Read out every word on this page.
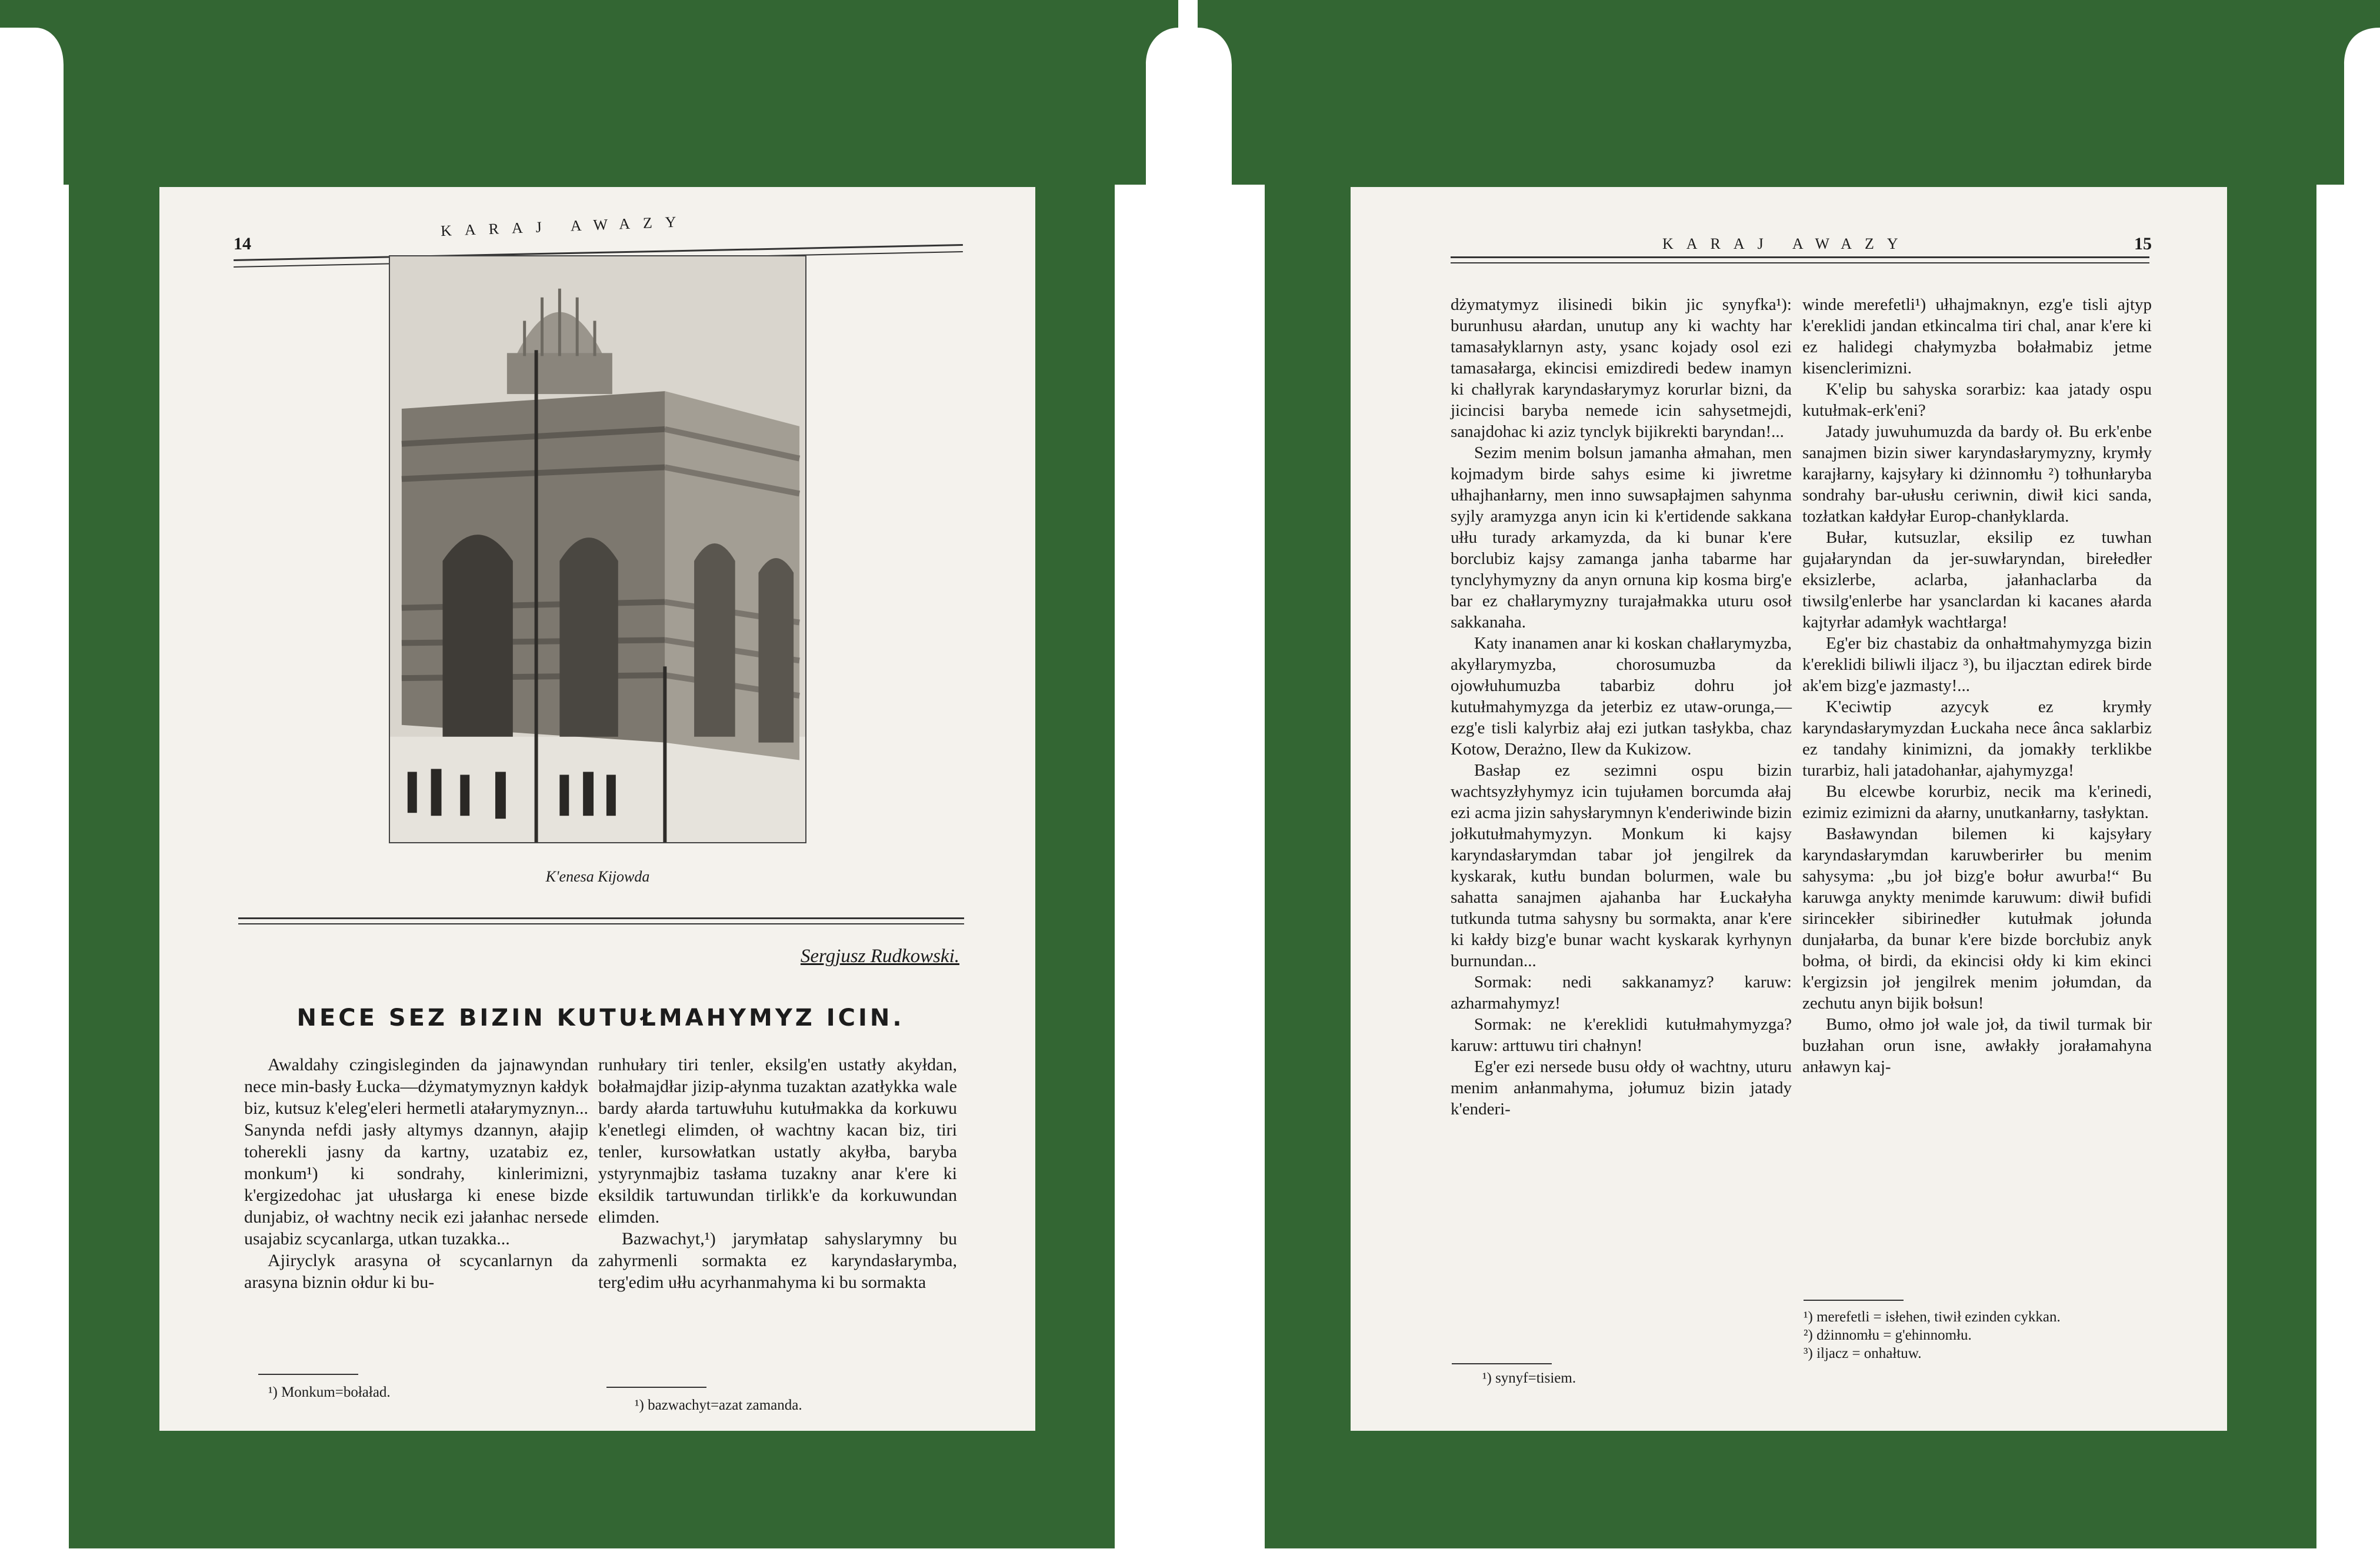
14
KARAJ AWAZY
K'enesa Kijowda
Sergjusz Rudkowski.
NECE SEZ BIZIN KUTUŁMAHYMYZ ICIN.

Awaldahy czingisleginden da jajnawyndan nece min-basły Łucka—dżymatymyznyn kałdyk biz, kutsuz k'eleg'eleri hermetli atałarymyznyn... Sanynda nefdi jasły altymys dzannyn, ałajip toherekli jasny da kartny, uzatabiz ez, monkum¹) ki sondrahy, kinlerimizni, k'ergizedohac jat ułusłarga ki enese bizde dunjabiz, oł wachtny necik ezi jałanhac nersede usajabiz scycanlarga, utkan tuzakka...

Ajiryclyk arasyna oł scycanlarnyn da arasyna biznin ołdur ki bu-

¹) Monkum=bołaład.

runhułary tiri tenler, eksilg'en ustatły akyłdan, bołałmajdłar jizip-ałynma tuzaktan azatłykka wale bardy ałarda tartuwłuhu kutułmakka da korkuwu k'enetlegi elimden, oł wachtny kacan biz, tiri tenler, kursowłatkan ustatly akyłba, baryba ystyrynmajbiz tasłama tuzakny anar k'ere ki eksildik tartuwundan tirlikk'e da korkuwundan elimden.

Bazwachyt,¹) jarymłatap sahyslarymny bu zahyrmenli sormakta ez karyndasłarymba, terg'edim ułłu acyrhanmahyma ki bu sormakta

¹) bazwachyt=azat zamanda.
KARAJ AWAZY	15

dżymatymyz ilisinedi bikin jic synyfka¹): burunhusu ałardan, unutup any ki wachty har tamasałyklarnyn asty, ysanc kojady osol ezi tamasałarga, ekincisi emizdiredi bedew inamyn ki chałlyrak karyndasłarymyz korurlar bizni, da jicincisi baryba nemede icin sahysetmejdi, sanajdohac ki aziz tynclyk bijikrekti baryndan!...

Sezim menim bolsun jamanha ałmahan, men kojmadym birde sahys esime ki jiwretme ułhajhanłarny, men inno suwsapłajmen sahynma syjly aramyzga anyn icin ki k'ertidende sakkana ułłu turady arkamyzda, da ki bunar k'ere borclubiz kajsy zamanga janha tabarme har tynclyhymyzny da anyn ornuna kip kosma birg'e bar ez chałlarymyzny turajałmakka uturu osoł sakkanaha.

Katy inanamen anar ki koskan chałlarymyzba, akyłlarymyzba, chorosumuzba da ojowłuhumuzba tabarbiz dohru joł kutułmahymyzga da jeterbiz ez utaw-orunga,—ezg'e tisli kalyrbiz ałaj ezi jutkan tasłykba, chaz Kotow, Derażno, Ilew da Kukizow.

Basłap ez sezimni ospu bizin wachtsyzłyhymyz icin tujułamen borcumda ałaj ezi acma jizin sahysłarymnyn k'enderiwinde bizin jołkutułmahymyzyn. Monkum ki kajsy karyndasłarymdan tabar joł jengilrek da kyskarak, kutłu bundan bolurmen, wale bu sahatta sanajmen ajahanba har Łuckałyha tutkunda tutma sahysny bu sormakta, anar k'ere ki kałdy bizg'e bunar wacht kyskarak kyrhynyn burnundan...

Sormak: nedi sakkanamyz? karuw: azharmahymyz!

Sormak: ne k'ereklidi kutułmahymyzga? karuw: arttuwu tiri chałnyn!

Eg'er ezi nersede busu ołdy oł wachtny, uturu menim anłanmahyma, jołumuz bizin jatady k'enderi-

¹) synyf=tisiem.

winde merefetli¹) ułhajmaknyn, ezg'e tisli ajtyp k'ereklidi jandan etkincalma tiri chal, anar k'ere ki ez halidegi chałymyzba bołałmabiz jetme kisenclerimizni.

K'elip bu sahyska sorarbiz: kaa jatady ospu kutułmak-erk'eni?

Jatady juwuhumuzda da bardy oł. Bu erk'enbe sanajmen bizin siwer karyndasłarymyzny, krymły karajłarny, kajsyłary ki dżinnomłu ²) tołhunłaryba sondrahy bar-ułusłu ceriwnin, diwił kici sanda, tozłatkan kałdyłar Europ-chanłyklarda.

Bułar, kutsuzlar, eksilip ez tuwhan gujałaryndan da jer-suwłaryndan, birełedłer eksizlerbe, aclarba, jałanhaclarba da tiwsilg'enlerbe har ysanclardan ki kacanes ałarda kajtyrłar adamłyk wachtłarga!

Eg'er biz chastabiz da onhałtmahymyzga bizin k'ereklidi biliwli iljacz ³), bu iljacztan edirek birde ak'em bizg'e jazmasty!...

K'eciwtip azycyk ez krymły karyndasłarymyzdan Łuckaha nece ânca saklarbiz ez tandahy kinimizni, da jomakły terklikbe turarbiz, hali jatadohanłar, ajahymyzga!

Bu elcewbe korurbiz, necik ma k'erinedi, ezimiz ezimizni da ałarny, unutkanłarny, tasłyktan.

Basławyndan bilemen ki kajsyłary karyndasłarymdan karuwberirłer bu menim sahysyma: „bu joł bizg'e bołur awurba!“ Bu karuwga anykty menimde karuwum: diwił bufidi sirincekłer sibirinedłer kutułmak jołunda dunjałarba, da bunar k'ere bizde borcłubiz anyk bołma, oł birdi, da ekincisi ołdy ki kim ekinci k'ergizsin joł jengilrek menim jołumdan, da zechutu anyn bijik bołsun!

Bumo, ołmo joł wale joł, da tiwil turmak bir buzłahan orun isne, awłakły jorałamahyna anławyn kaj-

¹) merefetli = isłehen, tiwił ezinden cykkan.
²) dżinnomłu = g'ehinnomłu.
³) iljacz = onhałtuw.
